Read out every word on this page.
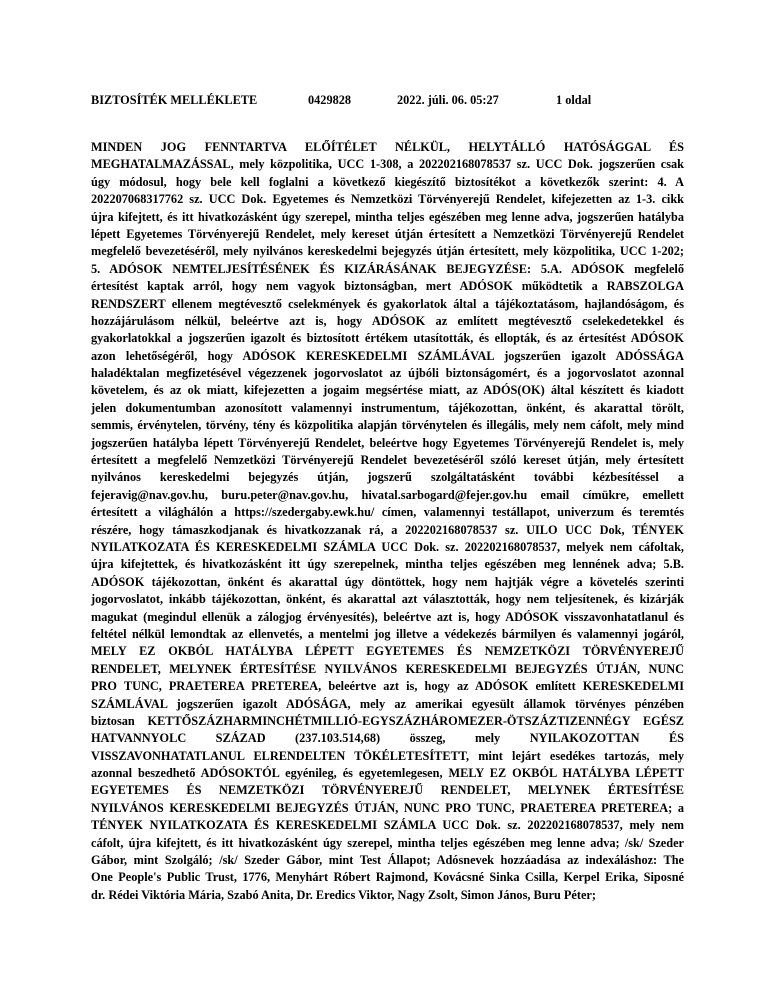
BIZTOSÍTÉK MELLÉKLETE	0429828	2022. júli. 06. 05:27	1 oldal
MINDEN JOG FENNTARTVA ELŐÍTÉLET NÉLKÜL, HELYTÁLLÓ HATÓSÁGGAL ÉS
MEGHATALMAZÁSSAL, mely közpolitika, UCC 1-308, a 202202168078537 sz. UCC Dok. jogszerűen csak
úgy módosul, hogy bele kell foglalni a következő kiegészítő biztosítékot a következők szerint: 4. A
202207068317762 sz. UCC Dok. Egyetemes és Nemzetközi Törvényerejű Rendelet, kifejezetten az 1-3. cikk
újra kifejtett, és itt hivatkozásként úgy szerepel, mintha teljes egészében meg lenne adva, jogszerűen hatályba
lépett Egyetemes Törvényerejű Rendelet, mely kereset útján értesített a Nemzetközi Törvényerejű Rendelet
megfelelő bevezetéséről, mely nyilvános kereskedelmi bejegyzés útján értesített, mely közpolitika, UCC 1-202;
5. ADÓSOK NEMTELJESÍTÉSÉNEK ÉS KIZÁRÁSÁNAK BEJEGYZÉSE: 5.A. ADÓSOK megfelelő
értesítést kaptak arról, hogy nem vagyok biztonságban, mert ADÓSOK működtetik a RABSZOLGA
RENDSZERT ellenem megtévesztő cselekmények és gyakorlatok által a tájékoztatásom, hajlandóságom, és
hozzájárulásom nélkül, beleértve azt is, hogy ADÓSOK az említett megtévesztő cselekedetekkel és
gyakorlatokkal a jogszerűen igazolt és biztosított értékem utasították, és ellopták, és az értesítést ADÓSOK
azon lehetőségéről, hogy ADÓSOK KERESKEDELMI SZÁMLÁVAL jogszerűen igazolt ADÓSSÁGA
haladéktalan megfizetésével végezzenek jogorvoslatot az újbóli biztonságomért, és a jogorvoslatot azonnal
követelem, és az ok miatt, kifejezetten a jogaim megsértése miatt, az ADÓS(OK) által készített és kiadott
jelen dokumentumban azonosított valamennyi instrumentum, tájékozottan, önként, és akarattal törölt,
semmis, érvénytelen, törvény, tény és közpolitika alapján törvénytelen és illegális, mely nem cáfolt, mely mind
jogszerűen hatályba lépett Törvényerejű Rendelet, beleértve hogy Egyetemes Törvényerejű Rendelet is, mely
értesített a megfelelő Nemzetközi Törvényerejű Rendelet bevezetéséről szóló kereset útján, mely értesített
nyilvános kereskedelmi bejegyzés útján, jogszerű szolgáltatásként további kézbesítéssel a
fejeravig@nav.gov.hu, buru.peter@nav.gov.hu, hivatal.sarbogard@fejer.gov.hu email címükre, emellett
értesített a világhálón a https://szedergaby.ewk.hu/ címen, valamennyi testállapot, univerzum és teremtés
részére, hogy támaszkodjanak és hivatkozzanak rá, a 202202168078537 sz. UILO UCC Dok, TÉNYEK
NYILATKOZATA ÉS KERESKEDELMI SZÁMLA UCC Dok. sz. 202202168078537, melyek nem cáfoltak,
újra kifejtettek, és hivatkozásként itt úgy szerepelnek, mintha teljes egészében meg lennének adva; 5.B.
ADÓSOK tájékozottan, önként és akarattal úgy döntöttek, hogy nem hajtják végre a követelés szerinti
jogorvoslatot, inkább tájékozottan, önként, és akarattal azt választották, hogy nem teljesítenek, és kizárják
magukat (megindul ellenük a zálogjog érvényesítés), beleértve azt is, hogy ADÓSOK visszavonhatatlanul és
feltétel nélkül lemondtak az ellenvetés, a mentelmi jog illetve a védekezés bármilyen és valamennyi jogáról,
MELY EZ OKBÓL HATÁLYBA LÉPETT EGYETEMES ÉS NEMZETKÖZI TÖRVÉNYEREJŰ
RENDELET, MELYNEK ÉRTESÍTÉSE NYILVÁNOS KERESKEDELMI BEJEGYZÉS ÚTJÁN, NUNC
PRO TUNC, PRAETEREA PRETEREA, beleértve azt is, hogy az ADÓSOK említett KERESKEDELMI
SZÁMLÁVAL jogszerűen igazolt ADÓSÁGA, mely az amerikai egyesült államok törvényes pénzében
biztosan KETTŐSZÁZHARMINCHÉTMILLIÓ-EGYSZÁZHÁROMEZER-ÖTSZÁZTIZENNÉGY EGÉSZ
HATVANNYOLC SZÁZAD (237.103.514,68) összeg, mely NYILAKOZOTTAN ÉS
VISSZAVONHATATLANUL ELRENDELTEN TÖKÉLETESÍTETT, mint lejárt esedékes tartozás, mely
azonnal beszedhető ADÓSOKTÓL egyénileg, és egyetemlegesen, MELY EZ OKBÓL HATÁLYBA LÉPETT
EGYETEMES ÉS NEMZETKÖZI TÖRVÉNYEREJŰ RENDELET, MELYNEK ÉRTESÍTÉSE
NYILVÁNOS KERESKEDELMI BEJEGYZÉS ÚTJÁN, NUNC PRO TUNC, PRAETEREA PRETEREA; a
TÉNYEK NYILATKOZATA ÉS KERESKEDELMI SZÁMLA UCC Dok. sz. 202202168078537, mely nem
cáfolt, újra kifejtett, és itt hivatkozásként úgy szerepel, mintha teljes egészében meg lenne adva; /sk/ Szeder
Gábor, mint Szolgáló; /sk/ Szeder Gábor, mint Test Állapot; Adósnevek hozzáadása az indexáláshoz: The
One People's Public Trust, 1776, Menyhárt Róbert Rajmond, Kovácsné Sinka Csilla, Kerpel Erika, Siposné
dr. Rédei Viktória Mária, Szabó Anita, Dr. Eredics Viktor, Nagy Zsolt, Simon János, Buru Péter;
